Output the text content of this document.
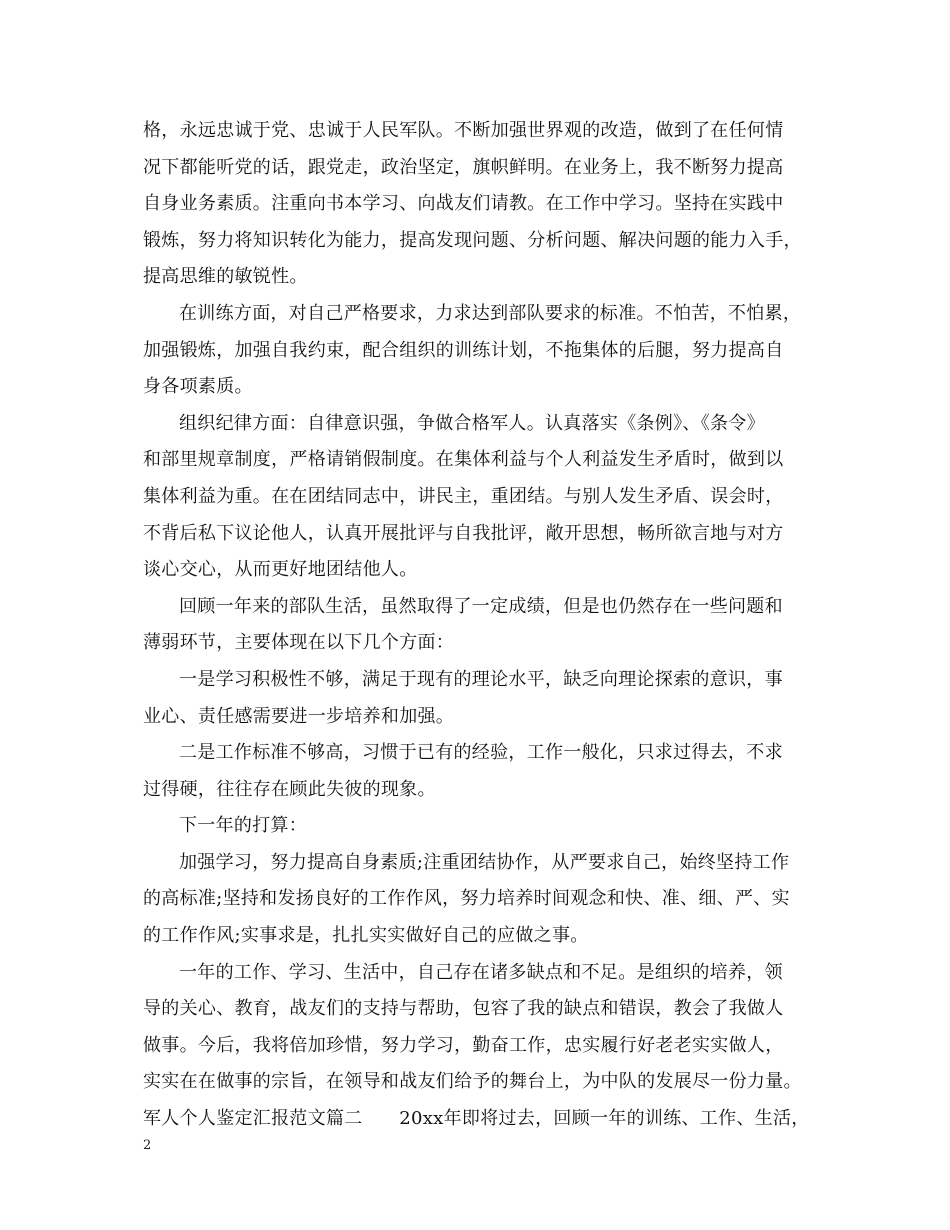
格，永远忠诚于党、忠诚于人民军队。不断加强世界观的改造，做到了在任何情
况下都能听党的话，跟党走，政治坚定，旗帜鲜明。在业务上，我不断努力提高
自身业务素质。注重向书本学习、向战友们请教。在工作中学习。坚持在实践中
锻炼，努力将知识转化为能力，提高发现问题、分析问题、解决问题的能力入手，
提高思维的敏锐性。
在训练方面，对自己严格要求，力求达到部队要求的标准。不怕苦，不怕累，
加强锻炼，加强自我约束，配合组织的训练计划，不拖集体的后腿，努力提高自
身各项素质。
组织纪律方面：自律意识强，争做合格军人。认真落实《条例》、《条令》
和部里规章制度，严格请销假制度。在集体利益与个人利益发生矛盾时，做到以
集体利益为重。在在团结同志中，讲民主，重团结。与别人发生矛盾、误会时，
不背后私下议论他人，认真开展批评与自我批评，敞开思想，畅所欲言地与对方
谈心交心，从而更好地团结他人。
回顾一年来的部队生活，虽然取得了一定成绩，但是也仍然存在一些问题和
薄弱环节，主要体现在以下几个方面：
一是学习积极性不够，满足于现有的理论水平，缺乏向理论探索的意识，事
业心、责任感需要进一步培养和加强。
二是工作标准不够高，习惯于已有的经验，工作一般化，只求过得去，不求
过得硬，往往存在顾此失彼的现象。
下一年的打算：
加强学习，努力提高自身素质;注重团结协作，从严要求自己，始终坚持工作
的高标准;坚持和发扬良好的工作作风，努力培养时间观念和快、准、细、严、实
的工作作风;实事求是，扎扎实实做好自己的应做之事。
一年的工作、学习、生活中，自己存在诸多缺点和不足。是组织的培养，领
导的关心、教育，战友们的支持与帮助，包容了我的缺点和错误，教会了我做人
做事。今后，我将倍加珍惜，努力学习，勤奋工作，忠实履行好老老实实做人，
实实在在做事的宗旨，在领导和战友们给予的舞台上，为中队的发展尽一份力量。
军人个人鉴定汇报范文篇二　　20xx年即将过去，回顾一年的训练、工作、生活，
2
